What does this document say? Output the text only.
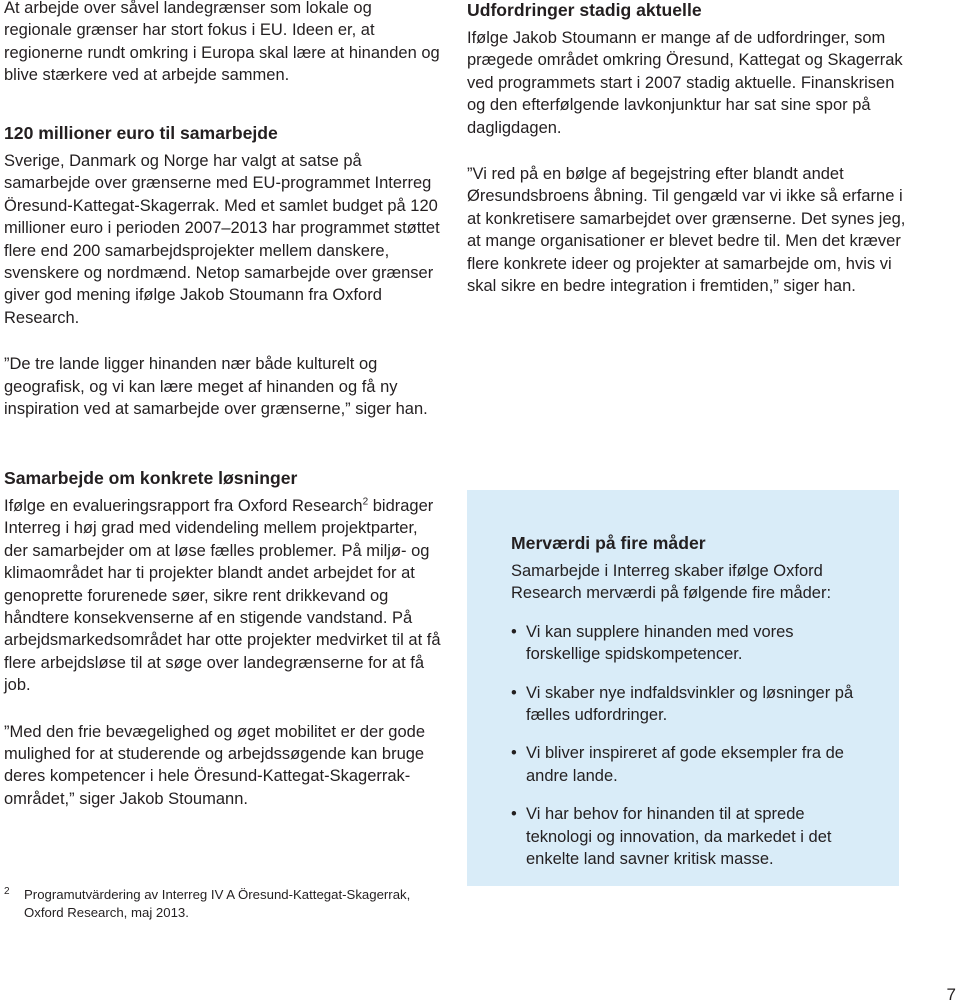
At arbejde over såvel landegrænser som lokale og regionale grænser har stort fokus i EU. Ideen er, at regionerne rundt omkring i Europa skal lære at hinanden og blive stærkere ved at arbejde sammen.

120 millioner euro til samarbejde

Sverige, Danmark og Norge har valgt at satse på samarbejde over grænserne med EU-programmet Interreg Öresund-Kattegat-Skagerrak. Med et samlet budget på 120 millioner euro i perioden 2007–2013 har programmet støttet flere end 200 samarbejdsprojekter mellem danskere, svenskere og nordmænd. Netop samarbejde over grænser giver god mening ifølge Jakob Stoumann fra Oxford Research.

”De tre lande ligger hinanden nær både kulturelt og geografisk, og vi kan lære meget af hinanden og få ny inspiration ved at samarbejde over grænserne,” siger han.

Samarbejde om konkrete løsninger

Ifølge en evalueringsrapport fra Oxford Research$^2$ bidrager Interreg i høj grad med videndeling mellem projektparter, der samarbejder om at løse fælles problemer. På miljø- og klimaområdet har ti projekter blandt andet arbejdet for at genoprette forurenede søer, sikre rent drikkevand og håndtere konsekvenserne af en stigende vandstand. På arbejdsmarkedsområdet har otte projekter medvirket til at få flere arbejdsløse til at søge over landegrænserne for at få job.

”Med den frie bevægelighed og øget mobilitet er der gode mulighed for at studerende og arbejdssøgende kan bruge deres kompetencer i hele Öresund-Kattegat-Skagerrak-området,” siger Jakob Stoumann.

Udfordringer stadig aktuelle

Ifølge Jakob Stoumann er mange af de udfordringer, som prægede området omkring Öresund, Kattegat og Skagerrak ved programmets start i 2007 stadig aktuelle. Finanskrisen og den efterfølgende lavkonjunktur har sat sine spor på dagligdagen.

”Vi red på en bølge af begejstring efter blandt andet Øresundsbroens åbning. Til gengæld var vi ikke så erfarne i at konkretisere samarbejdet over grænserne. Det synes jeg, at mange organisationer er blevet bedre til. Men det kræver flere konkrete ideer og projekter at samarbejde om, hvis vi skal sikre en bedre integration i fremtiden,” siger han.

Merværdi på fire måder

Samarbejde i Interreg skaber ifølge Oxford Research merværdi på følgende fire måder:

• Vi kan supplere hinanden med vores forskellige spidskompetencer.
• Vi skaber nye indfaldsvinkler og løsninger på fælles udfordringer.
• Vi bliver inspireret af gode eksempler fra de andre lande.
• Vi har behov for hinanden til at sprede teknologi og innovation, da markedet i det enkelte land savner kritisk masse.
2 Programutvärdering av Interreg IV A Öresund-Kattegat-Skagerrak, Oxford Research, maj 2013.
7
